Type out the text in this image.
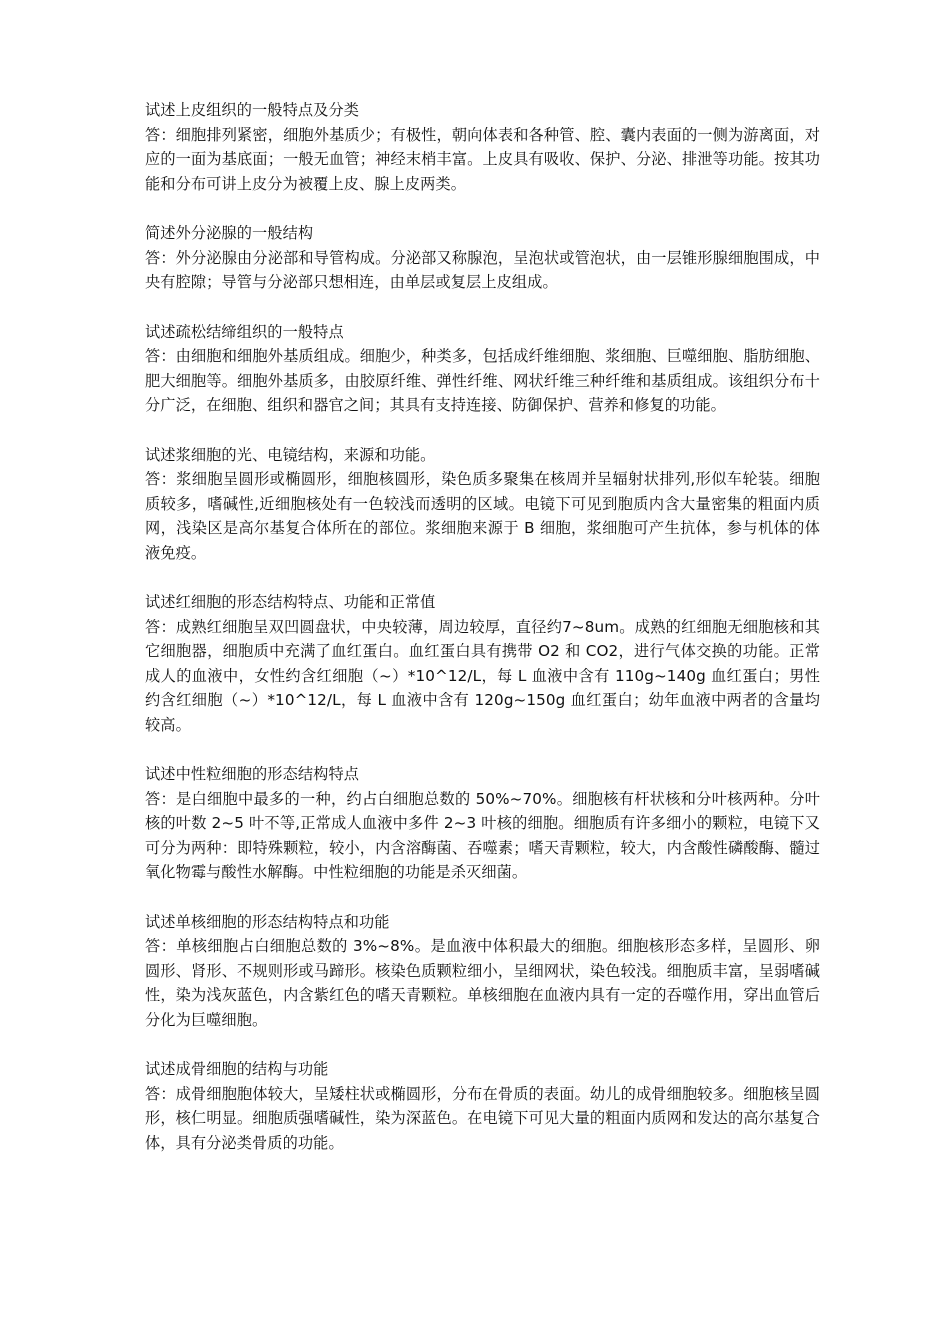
试述上皮组织的一般特点及分类

答：细胞排列紧密，细胞外基质少；有极性，朝向体表和各种管、腔、囊内表面的一侧为游离面，对应的一面为基底面；一般无血管；神经末梢丰富。上皮具有吸收、保护、分泌、排泄等功能。按其功能和分布可讲上皮分为被覆上皮、腺上皮两类。

简述外分泌腺的一般结构

答：外分泌腺由分泌部和导管构成。分泌部又称腺泡，呈泡状或管泡状，由一层锥形腺细胞围成，中央有腔隙；导管与分泌部只想相连，由单层或复层上皮组成。

试述疏松结缔组织的一般特点

答：由细胞和细胞外基质组成。细胞少，种类多，包括成纤维细胞、浆细胞、巨噬细胞、脂肪细胞、肥大细胞等。细胞外基质多，由胶原纤维、弹性纤维、网状纤维三种纤维和基质组成。该组织分布十分广泛，在细胞、组织和器官之间；其具有支持连接、防御保护、营养和修复的功能。

试述浆细胞的光、电镜结构，来源和功能。

答：浆细胞呈圆形或椭圆形，细胞核圆形，染色质多聚集在核周并呈辐射状排列,形似车轮装。细胞质较多，嗜碱性,近细胞核处有一色较浅而透明的区域。电镜下可见到胞质内含大量密集的粗面内质网，浅染区是高尔基复合体所在的部位。浆细胞来源于 B 细胞，浆细胞可产生抗体，参与机体的体液免疫。

试述红细胞的形态结构特点、功能和正常值

答：成熟红细胞呈双凹圆盘状，中央较薄，周边较厚，直径约7~8um。成熟的红细胞无细胞核和其它细胞器，细胞质中充满了血红蛋白。血红蛋白具有携带 O2 和 CO2，进行气体交换的功能。正常成人的血液中，女性约含红细胞（~）*10^12/L，每 L 血液中含有 110g~140g 血红蛋白；男性约含红细胞（~）*10^12/L，每 L 血液中含有 120g~150g 血红蛋白；幼年血液中两者的含量均较高。

试述中性粒细胞的形态结构特点

答：是白细胞中最多的一种，约占白细胞总数的 50%~70%。细胞核有杆状核和分叶核两种。分叶核的叶数 2~5 叶不等,正常成人血液中多件 2~3 叶核的细胞。细胞质有许多细小的颗粒，电镜下又可分为两种：即特殊颗粒，较小，内含溶酶菌、吞噬素；嗜天青颗粒，较大，内含酸性磷酸酶、髓过氧化物霉与酸性水解酶。中性粒细胞的功能是杀灭细菌。

试述单核细胞的形态结构特点和功能

答：单核细胞占白细胞总数的 3%~8%。是血液中体积最大的细胞。细胞核形态多样，呈圆形、卵圆形、肾形、不规则形或马蹄形。核染色质颗粒细小，呈细网状，染色较浅。细胞质丰富，呈弱嗜碱性，染为浅灰蓝色，内含紫红色的嗜天青颗粒。单核细胞在血液内具有一定的吞噬作用，穿出血管后分化为巨噬细胞。

试述成骨细胞的结构与功能

答：成骨细胞胞体较大，呈矮柱状或椭圆形，分布在骨质的表面。幼儿的成骨细胞较多。细胞核呈圆形，核仁明显。细胞质强嗜碱性，染为深蓝色。在电镜下可见大量的粗面内质网和发达的高尔基复合体，具有分泌类骨质的功能。
